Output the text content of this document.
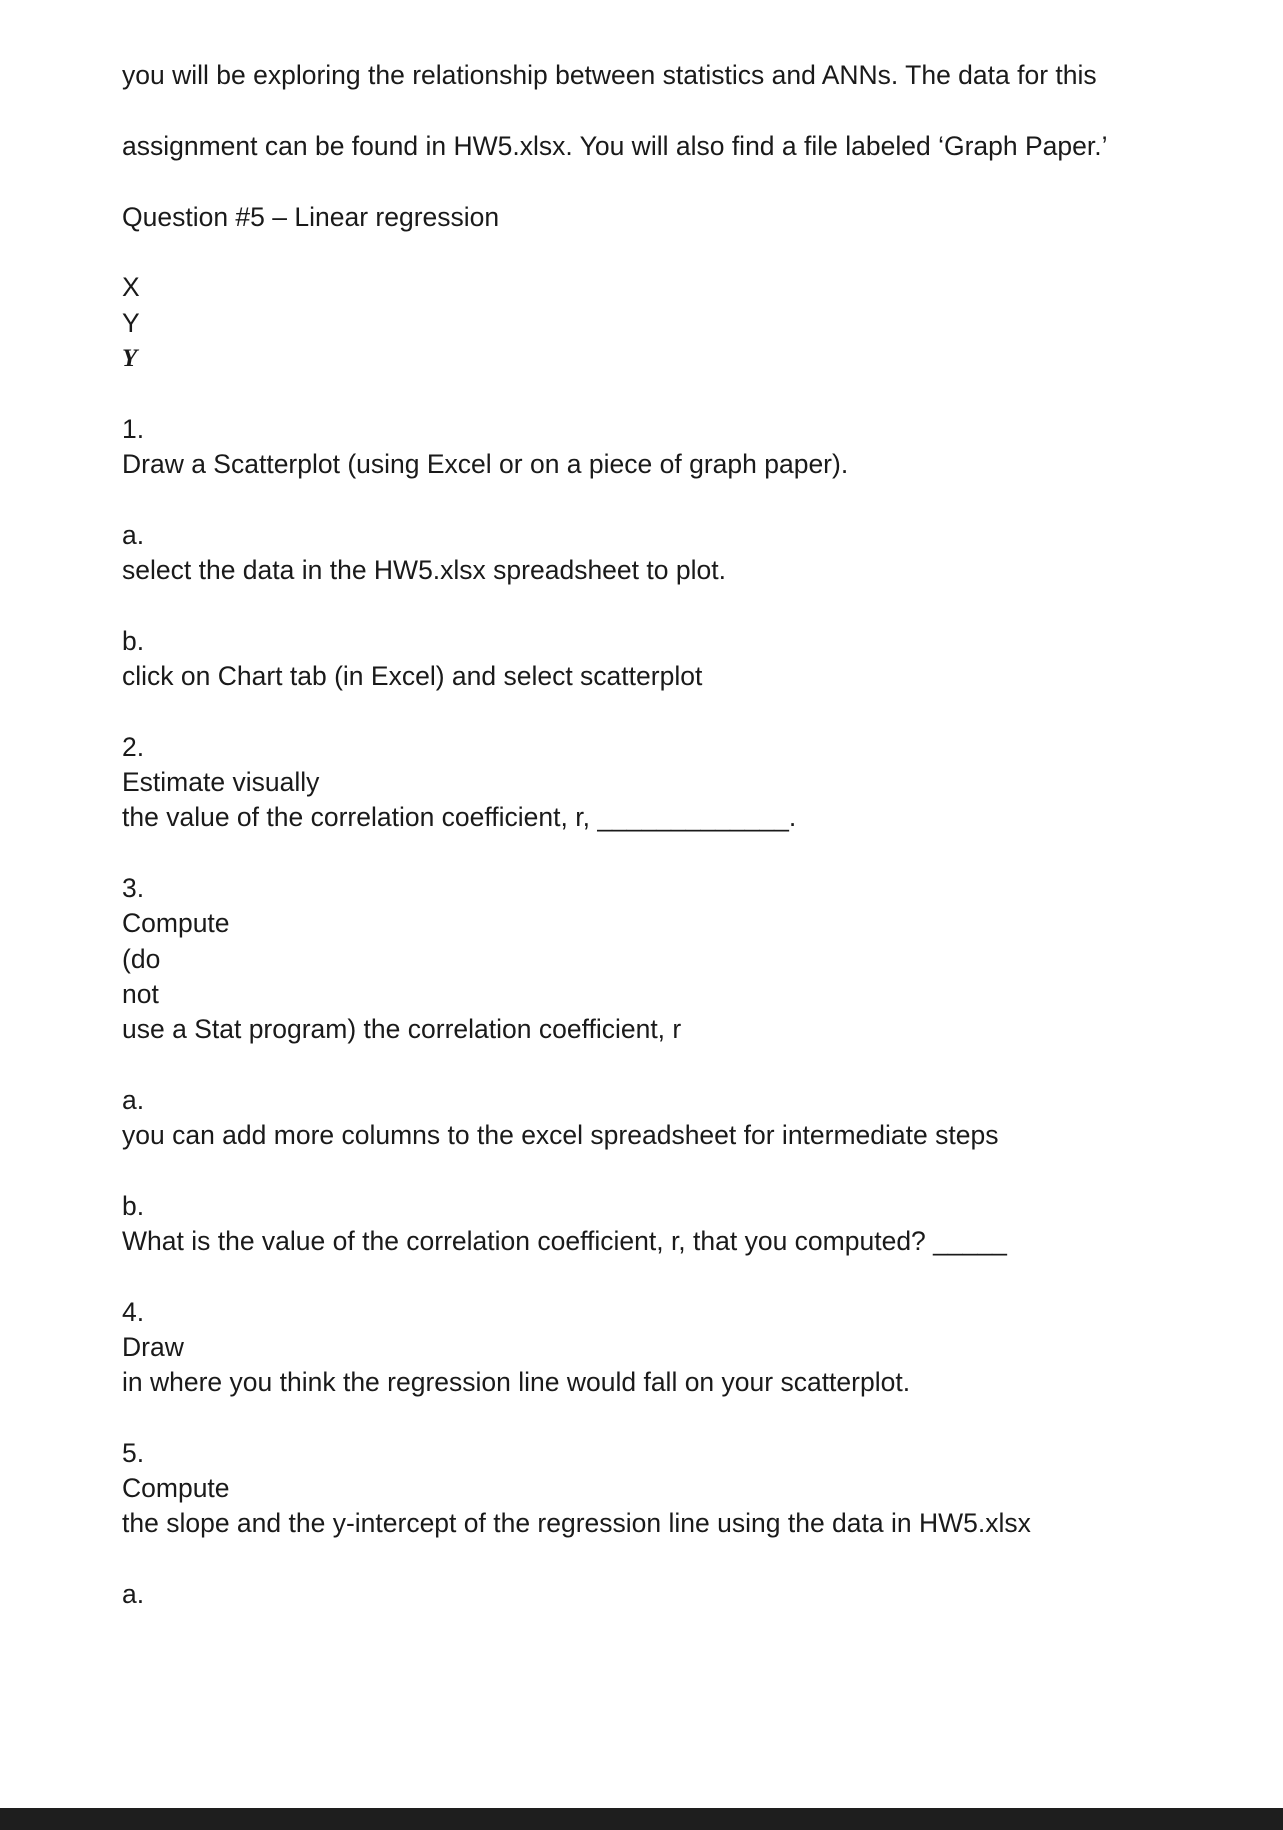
you will be exploring the relationship between statistics and ANNs. The data for this
assignment can be found in HW5.xlsx. You will also find a file labeled ‘Graph Paper.’
Question #5 – Linear regression
X
Y
Y
1.
Draw a Scatterplot (using Excel or on a piece of graph paper).
a.
select the data in the HW5.xlsx spreadsheet to plot.
b.
click on Chart tab (in Excel) and select scatterplot
2.
Estimate visually
the value of the correlation coefficient, r, _____________.
3.
Compute
(do
not
use a Stat program) the correlation coefficient, r
a.
you can add more columns to the excel spreadsheet for intermediate steps
b.
What is the value of the correlation coefficient, r, that you computed? _____
4.
Draw
in where you think the regression line would fall on your scatterplot.
5.
Compute
the slope and the y-intercept of the regression line using the data in HW5.xlsx
a.
